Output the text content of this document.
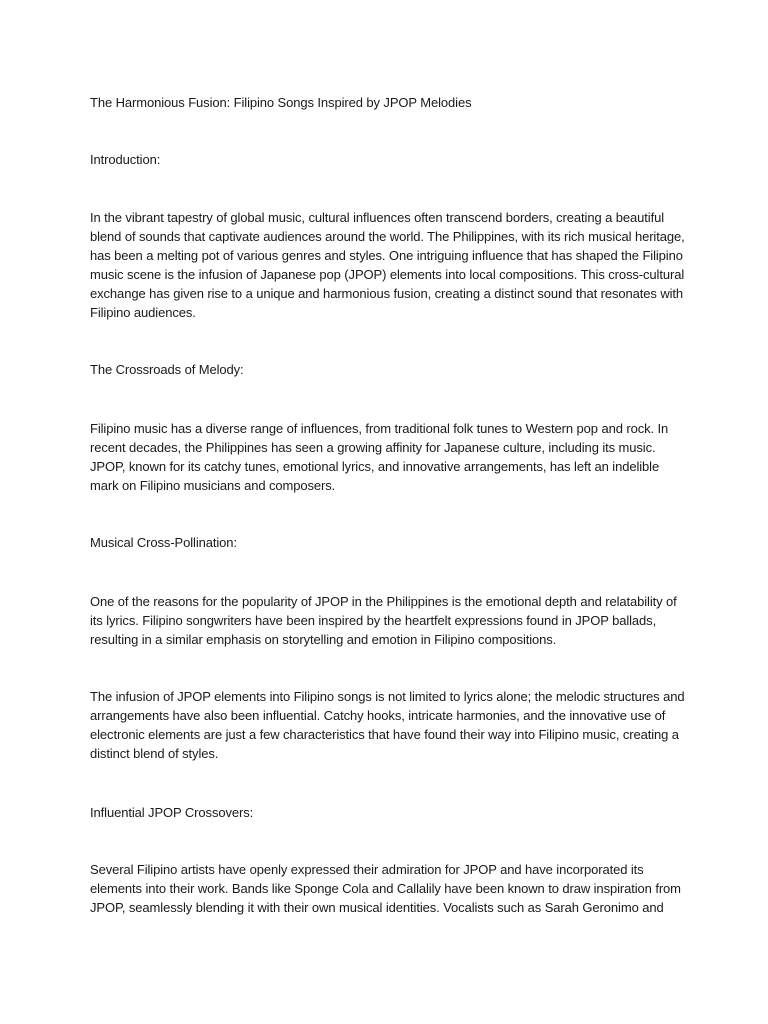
The Harmonious Fusion: Filipino Songs Inspired by JPOP Melodies

Introduction:

In the vibrant tapestry of global music, cultural influences often transcend borders, creating a beautiful blend of sounds that captivate audiences around the world. The Philippines, with its rich musical heritage, has been a melting pot of various genres and styles. One intriguing influence that has shaped the Filipino music scene is the infusion of Japanese pop (JPOP) elements into local compositions. This cross-cultural exchange has given rise to a unique and harmonious fusion, creating a distinct sound that resonates with Filipino audiences.

The Crossroads of Melody:

Filipino music has a diverse range of influences, from traditional folk tunes to Western pop and rock. In recent decades, the Philippines has seen a growing affinity for Japanese culture, including its music. JPOP, known for its catchy tunes, emotional lyrics, and innovative arrangements, has left an indelible mark on Filipino musicians and composers.

Musical Cross-Pollination:

One of the reasons for the popularity of JPOP in the Philippines is the emotional depth and relatability of its lyrics. Filipino songwriters have been inspired by the heartfelt expressions found in JPOP ballads, resulting in a similar emphasis on storytelling and emotion in Filipino compositions.

The infusion of JPOP elements into Filipino songs is not limited to lyrics alone; the melodic structures and arrangements have also been influential. Catchy hooks, intricate harmonies, and the innovative use of electronic elements are just a few characteristics that have found their way into Filipino music, creating a distinct blend of styles.

Influential JPOP Crossovers:

Several Filipino artists have openly expressed their admiration for JPOP and have incorporated its elements into their work. Bands like Sponge Cola and Callalily have been known to draw inspiration from JPOP, seamlessly blending it with their own musical identities. Vocalists such as Sarah Geronimo and
